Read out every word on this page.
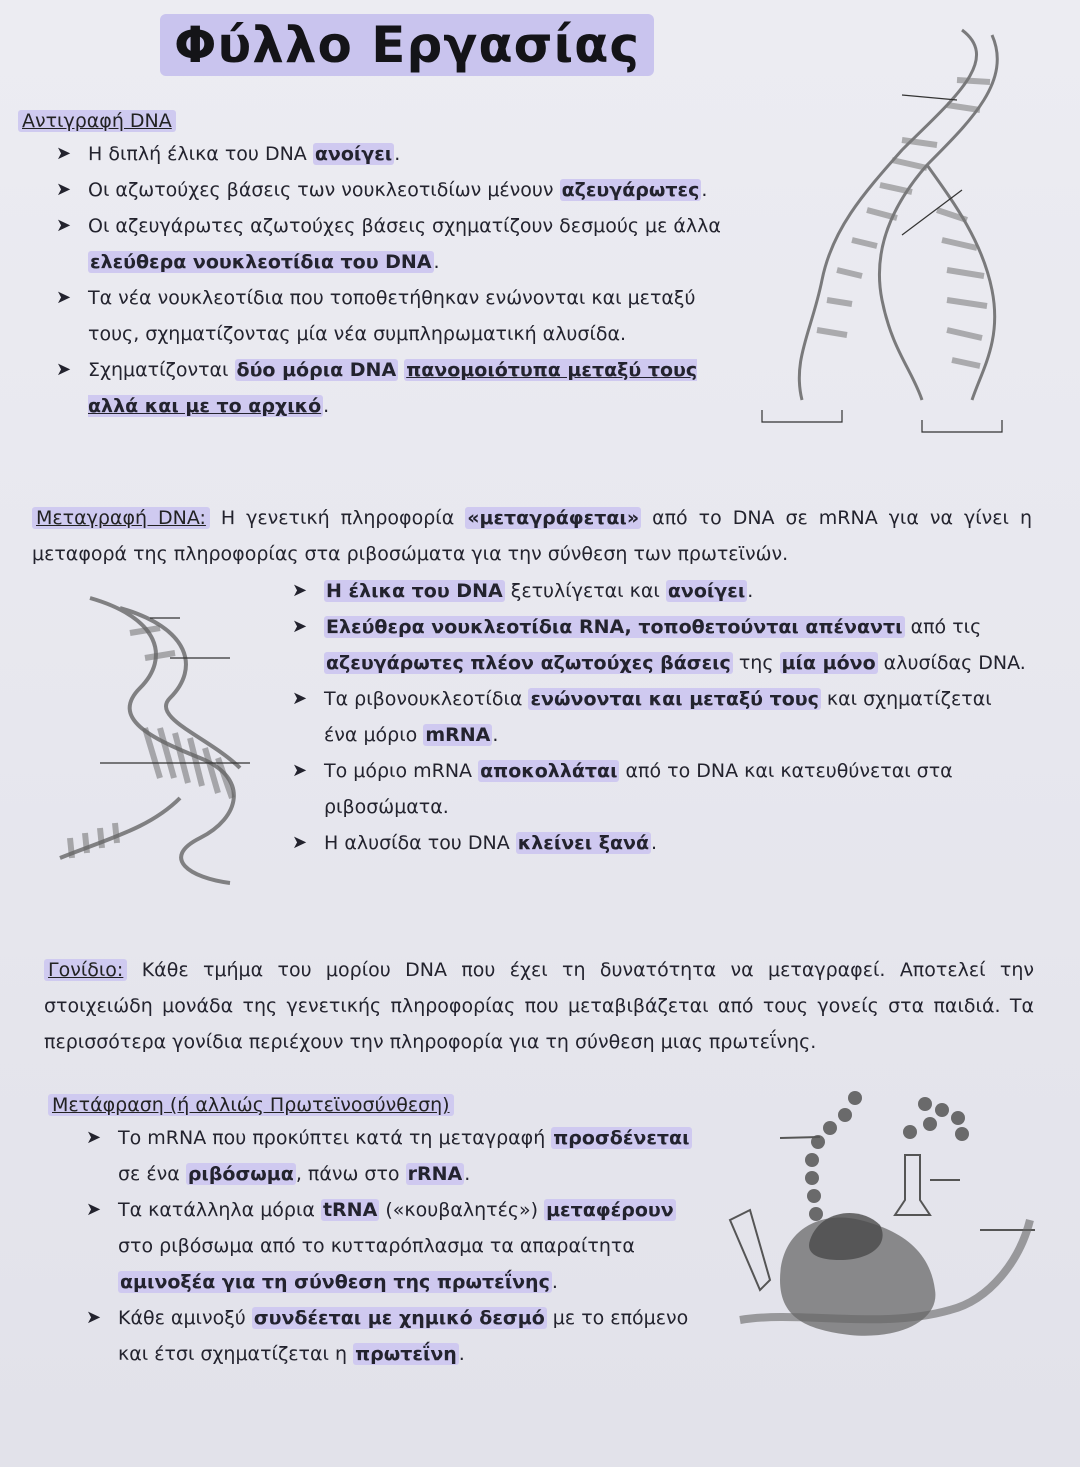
Φύλλο Εργασίας
Αντιγραφή DNA
➤ Η διπλή έλικα του DNA ανοίγει .
➤ Οι αζωτούχες βάσεις των νουκλεοτιδίων μένουν αζευγάρωτες .
➤ Οι αζευγάρωτες αζωτούχες βάσεις σχηματίζουν δεσμούς με άλλα ελεύθερα νουκλεοτίδια του DNA .
➤ Τα νέα νουκλεοτίδια που τοποθετήθηκαν ενώνονται και μεταξύ τους, σχηματίζοντας μία νέα συμπληρωματική αλυσίδα.
➤ Σχηματίζονται δύο μόρια DNA πανομοιότυπα μεταξύ τους αλλά και με το αρχικό .
Μεταγραφή DNA: Η γενετική πληροφορία «μεταγράφεται» από το DNA σε mRNA για να γίνει η μεταφορά της πληροφορίας στα ριβοσώματα για την σύνθεση των πρωτεϊνών.
➤ Η έλικα του DNA ξετυλίγεται και ανοίγει .
➤ Ελεύθερα νουκλεοτίδια RNA, τοποθετούνται απέναντι από τις αζευγάρωτες πλέον αζωτούχες βάσεις της μία μόνο αλυσίδας DNA.
➤ Τα ριβονουκλεοτίδια ενώνονται και μεταξύ τους και σχηματίζεται ένα μόριο mRNA .
➤ Το μόριο mRNA αποκολλάται από το DNA και κατευθύνεται στα ριβοσώματα.
➤ Η αλυσίδα του DNA κλείνει ξανά .
Γονίδιο: Κάθε τμήμα του μορίου DNA που έχει τη δυνατότητα να μεταγραφεί. Αποτελεί την στοιχειώδη μονάδα της γενετικής πληροφορίας που μεταβιβάζεται από τους γονείς στα παιδιά. Τα περισσότερα γονίδια περιέχουν την πληροφορία για τη σύνθεση μιας πρωτεΐνης.
Μετάφραση (ή αλλιώς Πρωτεϊνοσύνθεση)
➤ Το mRNA που προκύπτει κατά τη μεταγραφή προσδένεται σε ένα ριβόσωμα , πάνω στο rRNA .
➤ Τα κατάλληλα μόρια tRNA («κουβαλητές») μεταφέρουν στο ριβόσωμα από το κυτταρόπλασμα τα απαραίτητα αμινοξέα για τη σύνθεση της πρωτεΐνης .
➤ Κάθε αμινοξύ συνδέεται με χημικό δεσμό με το επόμενο και έτσι σχηματίζεται η πρωτεΐνη .
